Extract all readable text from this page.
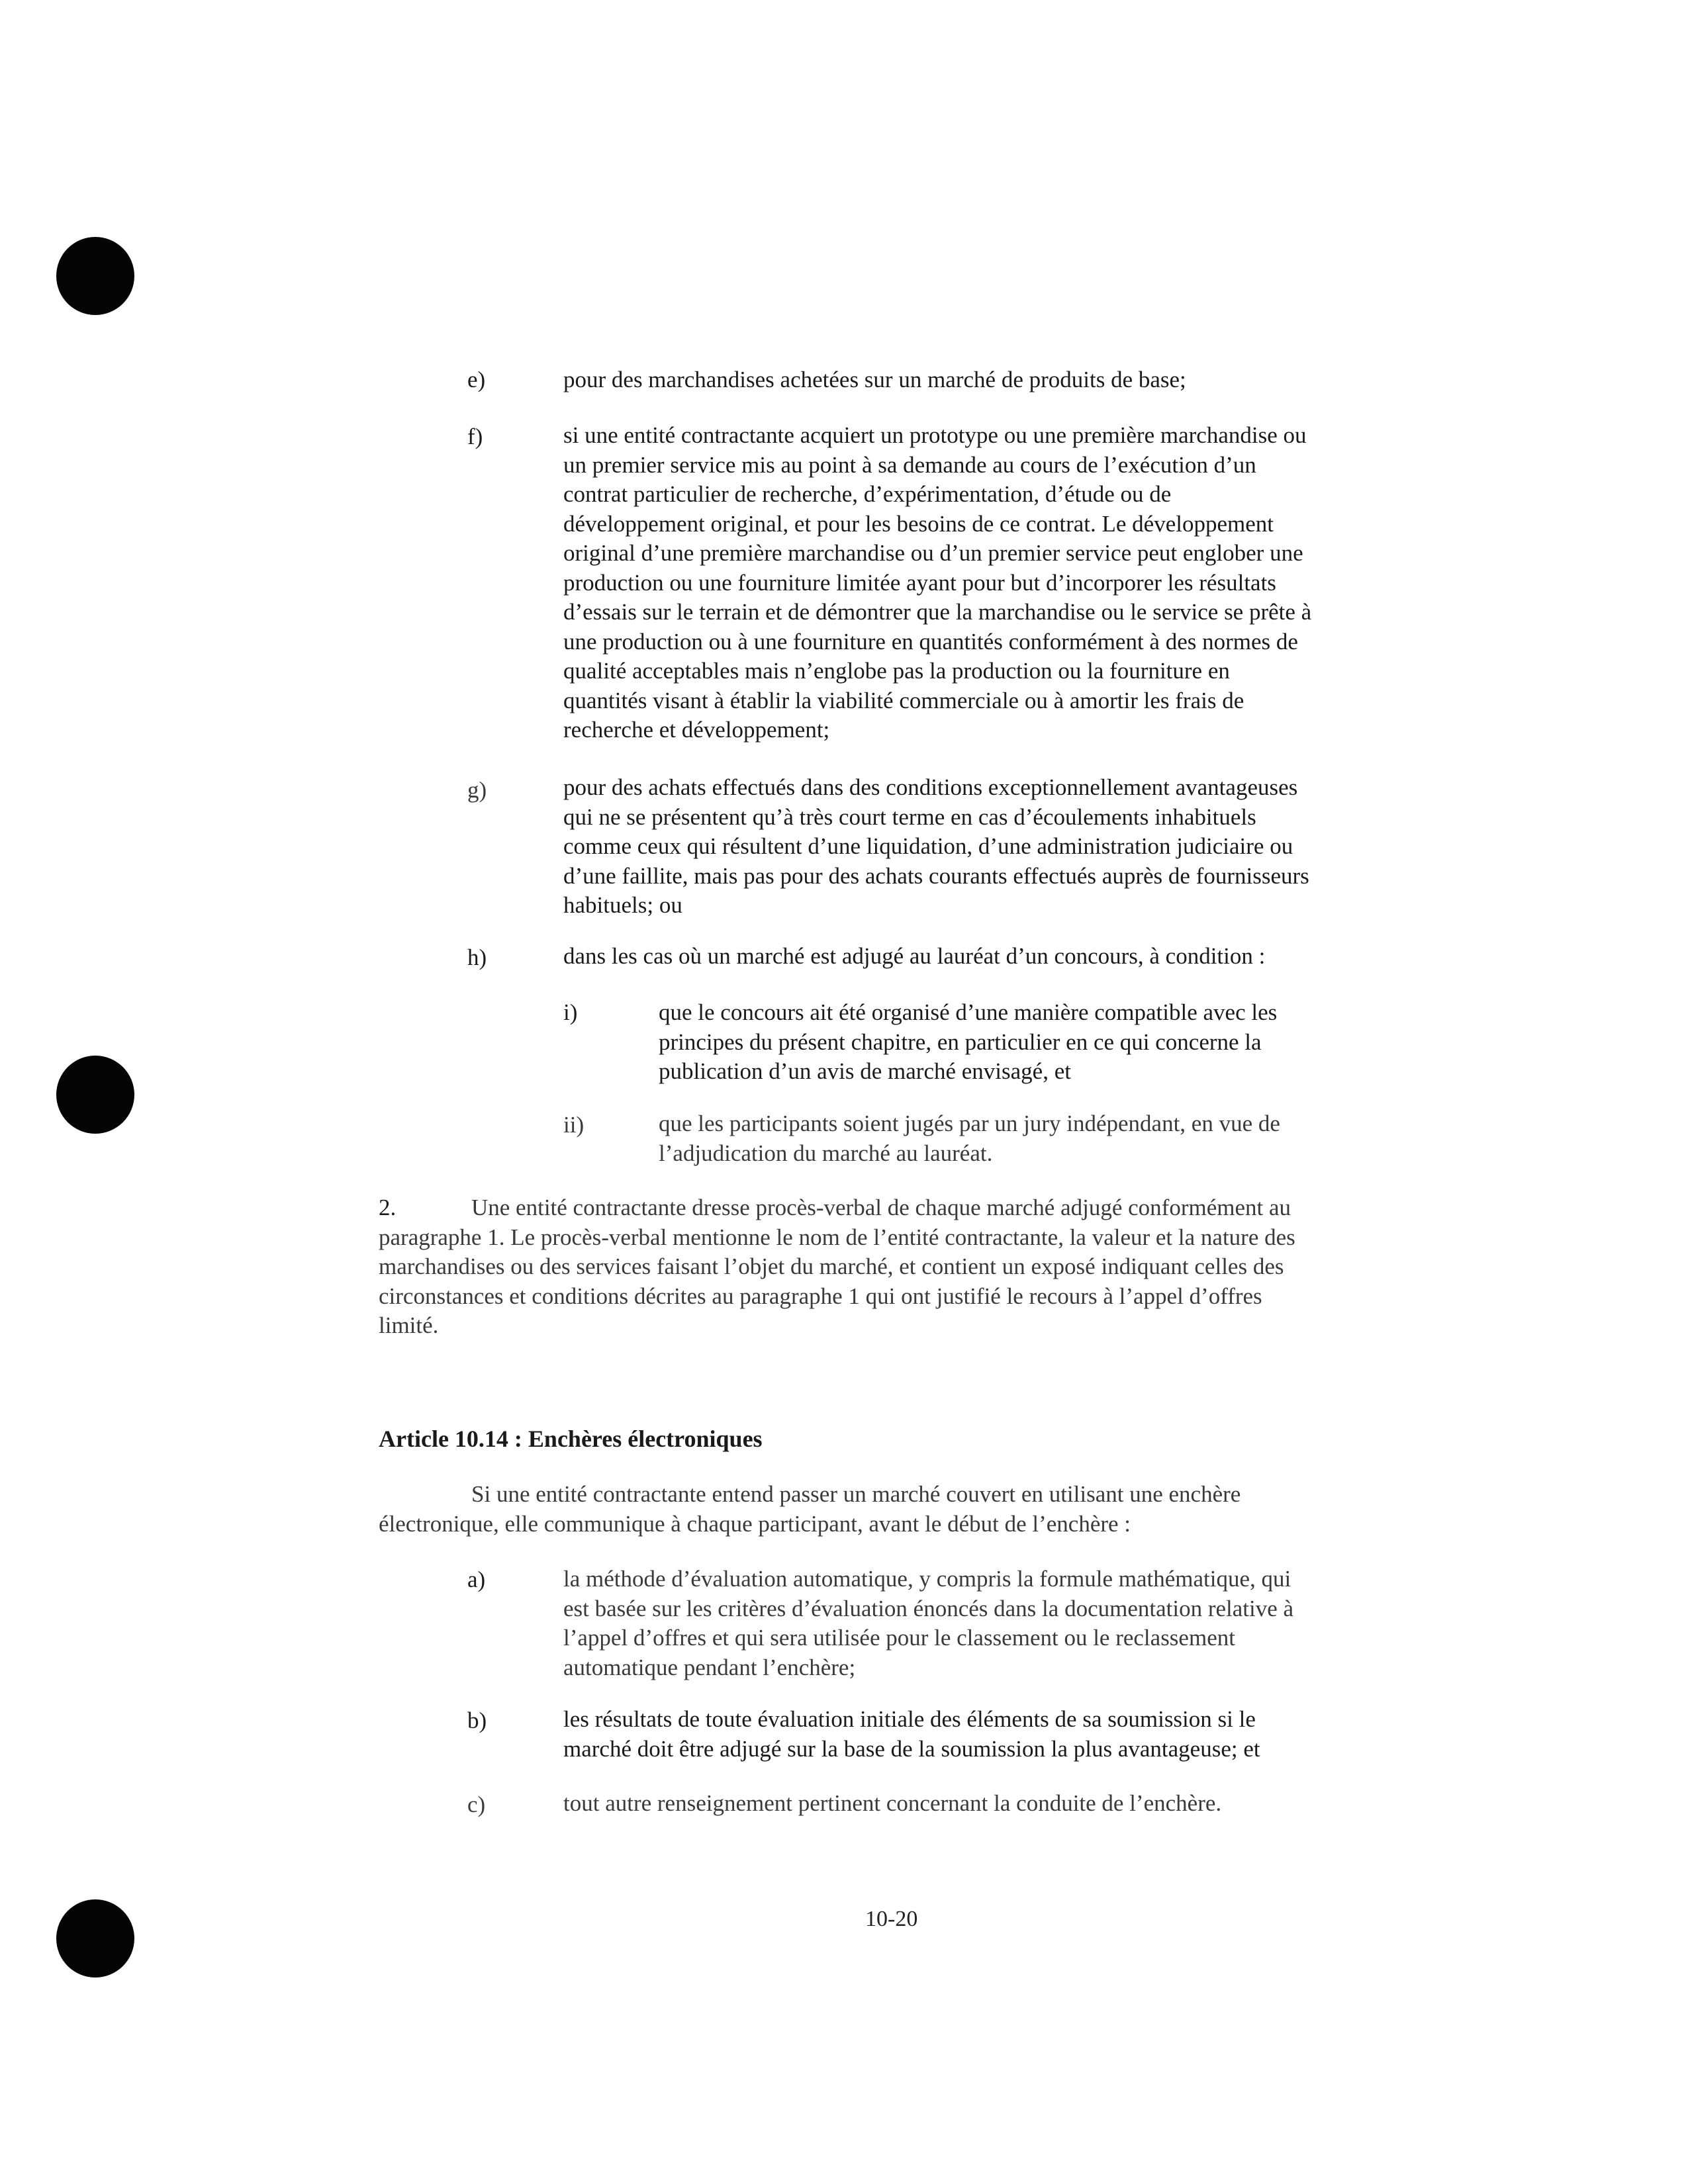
e)	pour des marchandises achetées sur un marché de produits de base;
f)	si une entité contractante acquiert un prototype ou une première marchandise ou
un premier service mis au point à sa demande au cours de l’exécution d’un
contrat particulier de recherche, d’expérimentation, d’étude ou de
développement original, et pour les besoins de ce contrat. Le développement
original d’une première marchandise ou d’un premier service peut englober une
production ou une fourniture limitée ayant pour but d’incorporer les résultats
d’essais sur le terrain et de démontrer que la marchandise ou le service se prête à
une production ou à une fourniture en quantités conformément à des normes de
qualité acceptables mais n’englobe pas la production ou la fourniture en
quantités visant à établir la viabilité commerciale ou à amortir les frais de
recherche et développement;
g)	pour des achats effectués dans des conditions exceptionnellement avantageuses
qui ne se présentent qu’à très court terme en cas d’écoulements inhabituels
comme ceux qui résultent d’une liquidation, d’une administration judiciaire ou
d’une faillite, mais pas pour des achats courants effectués auprès de fournisseurs
habituels; ou
h)	dans les cas où un marché est adjugé au lauréat d’un concours, à condition :
i)	que le concours ait été organisé d’une manière compatible avec les
principes du présent chapitre, en particulier en ce qui concerne la
publication d’un avis de marché envisagé, et
ii)	que les participants soient jugés par un jury indépendant, en vue de
l’adjudication du marché au lauréat.
2.	Une entité contractante dresse procès-verbal de chaque marché adjugé conformément au
paragraphe 1. Le procès-verbal mentionne le nom de l’entité contractante, la valeur et la nature des
marchandises ou des services faisant l’objet du marché, et contient un exposé indiquant celles des
circonstances et conditions décrites au paragraphe 1 qui ont justifié le recours à l’appel d’offres
limité.
Article 10.14 : Enchères électroniques
Si une entité contractante entend passer un marché couvert en utilisant une enchère
électronique, elle communique à chaque participant, avant le début de l’enchère :
a)	la méthode d’évaluation automatique, y compris la formule mathématique, qui
est basée sur les critères d’évaluation énoncés dans la documentation relative à
l’appel d’offres et qui sera utilisée pour le classement ou le reclassement
automatique pendant l’enchère;
b)	les résultats de toute évaluation initiale des éléments de sa soumission si le
marché doit être adjugé sur la base de la soumission la plus avantageuse; et
c)	tout autre renseignement pertinent concernant la conduite de l’enchère.
10-20
